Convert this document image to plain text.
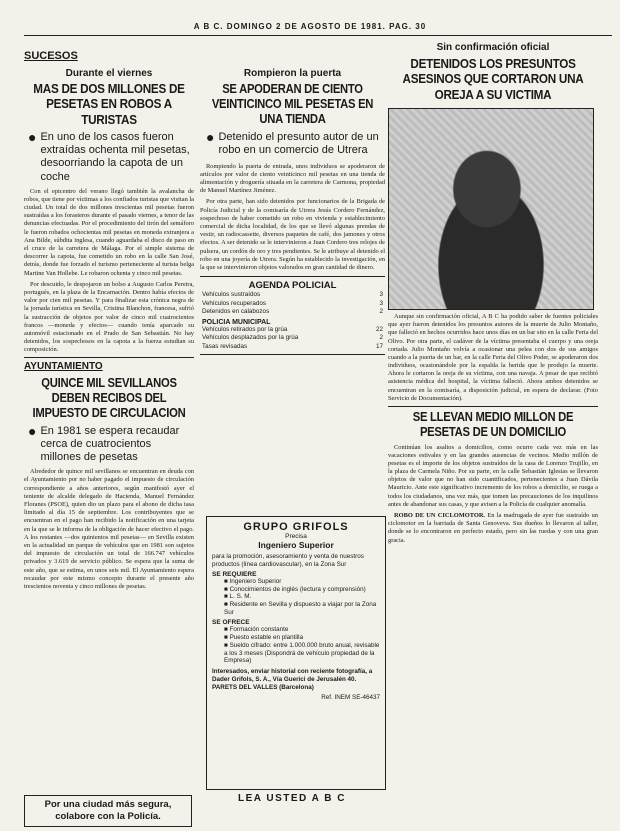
A B C. DOMINGO 2 DE AGOSTO DE 1981. PAG. 30
SUCESOS
Durante el viernes
MAS DE DOS MILLONES DE PESETAS EN ROBOS A TURISTAS
● En uno de los casos fueron extraídas ochenta mil pesetas, desoorriando la capota de un coche

Con el epicentro del verano llegó también la avalancha de robos, que tiene por víctimas a los confiados turistas que visitan la ciudad. Un total de dos millones trescientas mil pesetas fueron sustraídas a los forasteros durante el pasado viernes, a tenor de las denuncias efectuadas. Por el procedimiento del tirón del semáforo le fueron robados ochocientas mil pesetas en moneda extranjera a Ana Bilde, súbdita inglesa, cuando aguardaba el disco de paso en el cruce de la carretera de Málaga. Por el simple sistema de descorrer la capota, fue cometido un robo en la calle San José, detrás, donde fue forzado el turismo perteneciente al turista belga Martine Van Hollebe. Le robaron ochenta y cinco mil pesetas.

Por descuido, le despojaron un bolso a Augusto Carlos Pereira, portugués, en la plaza de la Encarnación. Dentro había efectos de valor por cien mil pesetas. Y para finalizar esta crónica negra de la jornada turística en Sevilla, Cristina Blanchon, francesa, sufrió la sustracción de objetos por valor de cinco mil cuatrocientos francos —moneda y efectos— cuando tenía aparcado su automóvil estacionado en el Prado de San Sebastián. No hay detenidos, los sospechosos en la capota a la fuerza estudian su composición.

AYUNTAMIENTO
QUINCE MIL SEVILLANOS DEBEN RECIBOS DEL IMPUESTO DE CIRCULACION
● En 1981 se espera recaudar cerca de cuatrocientos millones de pesetas

Alrededor de quince mil sevillanos se encuentran en deuda con el Ayuntamiento por no haber pagado el impuesto de circulación correspondiente a años anteriores, según manifestó ayer el teniente de alcalde delegado de Hacienda, Manuel Fernández Floranes (PSOE), quien dio un plazo para el abono de dicha tasa limitado al día 15 de septiembre. Los contribuyentes que se encuentran en el pago han recibido la notificación en una tarjeta en la que se le informa de la obligación de hacer efectivo el pago. A los restantes —dos quinientos mil pesetas— en Sevilla existen en la actualidad un parque de vehículos que en 1981 son sujetos del impuesto de circulación un total de 166.747 vehículos privados y 3.619 de servicio público. Se espera que la suma de este año, que se estima, en unos seis mil. El Ayuntamiento espera recaudar por este mismo concepto durante el presente año trescientos noventa y cinco millones de pesetas.

Por una ciudad más segura, colabore con la Policía.
Rompieron la puerta
SE APODERAN DE CIENTO VEINTICINCO MIL PESETAS EN UNA TIENDA
● Detenido el presunto autor de un robo en un comercio de Utrera

Rompiendo la puerta de entrada, unos individuos se apoderaron de artículos por valor de ciento veinticinco mil pesetas en una tienda de alimentación y droguería situada en la carretera de Carmona, propiedad de Manuel Martínez Jiménez.

Por otra parte, han sido detenidos por funcionarios de la Brigada de Policía Judicial y de la comisaría de Utrera Jesús Cordero Fernández, sospechoso de haber cometido un robo en vivienda y establecimiento comercial de dicha localidad, de los que se llevó algunas prendas de vestir, un radiocassette, diversos paquetes de café, dos jamones y otros efectos. A ser detenido se le intervinieron a Juan Cordero tres relojes de pulsera, un cordón de oro y tres pendientes. Se le atribuye al detenido el robo en una joyería de Utrera. Según ha establecido la investigación, en la que se intervinieron objetos valorados en gran cantidad de dinero.

AGENDA POLICIAL
Vehículos sustraídos	3
Vehículos recuperados	3
Detenidos en calabozos	2
POLICIA MUNICIPAL
Vehículos retirados por la grúa	22
Vehículos desplazados por la grúa	2
Tasas revisadas	17
GRUPO GRIFOLS
Precisa
Ingeniero Superior
para la promoción, asesoramiento y venta de nuestros productos (línea cardiovascular), en la Zona Sur
SE REQUIERE
■ Ingeniero Superior
■ Conocimientos de inglés (lectura y comprensión)
■ L. S. M.
■ Residente en Sevilla y dispuesto a viajar por la Zona Sur
SE OFRECE
■ Formación constante
■ Puesto estable en plantilla
■ Sueldo cifrado: entre 1.000.000 bruto anual, revisable a los 3 meses (Dispondrá de vehículo propiedad de la Empresa)
Interesados, enviar historial con reciente fotografía, a Dader Grifols, S. A., Vía Guerici de Jerusalén 40. PARETS DEL VALLES (Barcelona)
Ref. INEM SE-46437
LEA USTED A B C
Sin confirmación oficial
DETENIDOS LOS PRESUNTOS ASESINOS QUE CORTARON UNA OREJA A SU VICTIMA

Aunque sin confirmación oficial, A B C ha podido saber de fuentes policiales que ayer fueron detenidos los presuntos autores de la muerte de Julio Montaño, que falleció en hechos ocurridos hace unos días en un bar sito en la calle Feria del Olivo. Por otra parte, el cadáver de la víctima presentaba el cuerpo y una oreja cortada. Julio Montaño volvía a ocasionar una pelea con dos de sus amigos cuando a la puerta de un bar, en la calle Feria del Olivo Poder, se apoderaron dos individuos, ocasionándole por la espalda la herida que le produjo la muerte. Ahora le cortaron la oreja de su víctima, con una navaja. A pesar de que recibió asistencia médica del hospital, la víctima falleció. Ahora ambos detenidos se encuentran en la comisaría, a disposición judicial, en espera de declarar. (Foto Servicio de Documentación).

SE LLEVAN MEDIO MILLON DE PESETAS DE UN DOMICILIO

Continúan los asaltos a domicilios, como ocurre cada vez más en las vacaciones estivales y en las grandes ausencias de vecinos. Medio millón de pesetas es el importe de los objetos sustraídos de la casa de Lorenzo Trujillo, en la plaza de Carmela Niño. Por su parte, en la calle Sebastián Iglesias se llevaron objetos de valor que no han sido cuantificados, pertenecientes a Juan Dávila Mauricio. Ante este significativo incremento de los robos a domicilio, se ruega a todos los ciudadanos, una vez más, que tomen las precauciones de los inquilinos antes de abandonar sus casas, y que avisen a la Policía de cualquier anomalía.

ROBO DE UN CICLOMOTOR. En la madrugada de ayer fue sustraído un ciclomotor en la barriada de Santa Genoveva. Sus dueños lo llevaron al taller, donde se lo encontraron en perfecto estado, pero sin las ruedas y con una gran gracia.
